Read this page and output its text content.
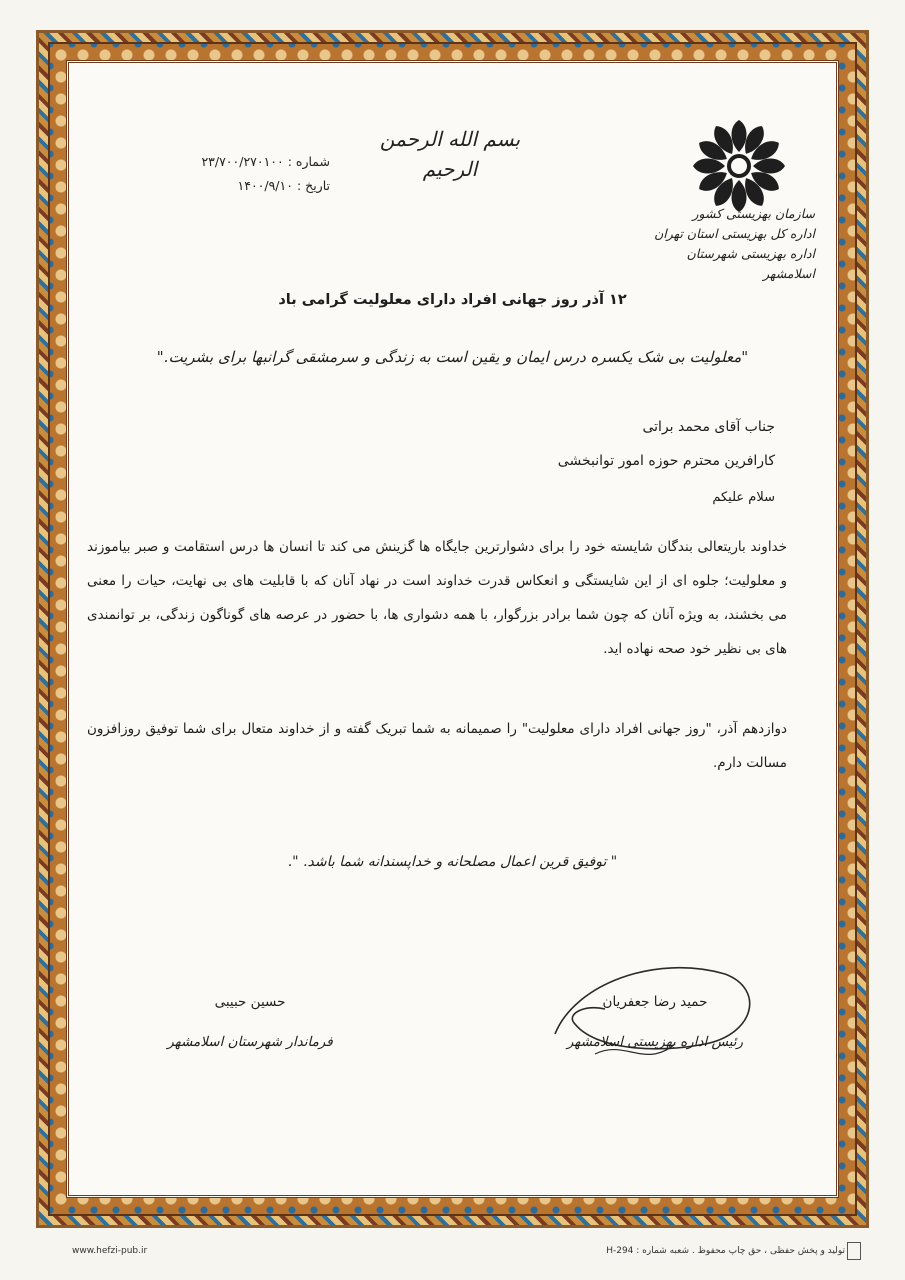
سازمان بهزیستی کشور
اداره کل بهزیستی استان تهران
اداره بهزیستی شهرستان اسلامشهر
بسم الله الرحمن الرحیم
شماره : ۲۳/۷۰۰/۲۷۰۱۰۰
تاریخ : ۱۴۰۰/۹/۱۰
۱۲ آذر روز جهانی افراد دارای معلولیت گرامی باد
"معلولیت بی شک یکسره درس ایمان و یقین است به زندگی و سرمشقی گرانبها برای بشریت."
جناب آقای محمد براتی
کارافرین محترم حوزه امور توانبخشی
سلام علیکم
خداوند باریتعالی بندگان شایسته خود را برای دشوارترین جایگاه ها گزینش می کند تا انسان ها درس استقامت و صبر بیاموزند و معلولیت؛ جلوه ای از این شایستگی و انعکاس قدرت خداوند است در نهاد آنان که با قابلیت های بی نهایت، حیات را معنی می بخشند، به ویژه آنان که چون شما برادر بزرگوار، با همه دشواری ها، با حضور در عرصه های گوناگون زندگی، بر توانمندی های بی نظیر خود صحه نهاده اید.
دوازدهم آذر، "روز جهانی افراد دارای معلولیت" را صمیمانه به شما تبریک گفته و از خداوند متعال برای شما توفیق روزافزون مسالت دارم.
" توفیق قرین اعمال مصلحانه و خداپسندانه شما باشد. ".
حمید رضا جعفریان
رئیس اداره بهزیستی اسلامشهر
حسین حبیبی
فرماندار شهرستان اسلامشهر
www.hefzi-pub.ir	تولید و پخش حفظی ، حق چاپ محفوظ . شعبه شماره : H-294
